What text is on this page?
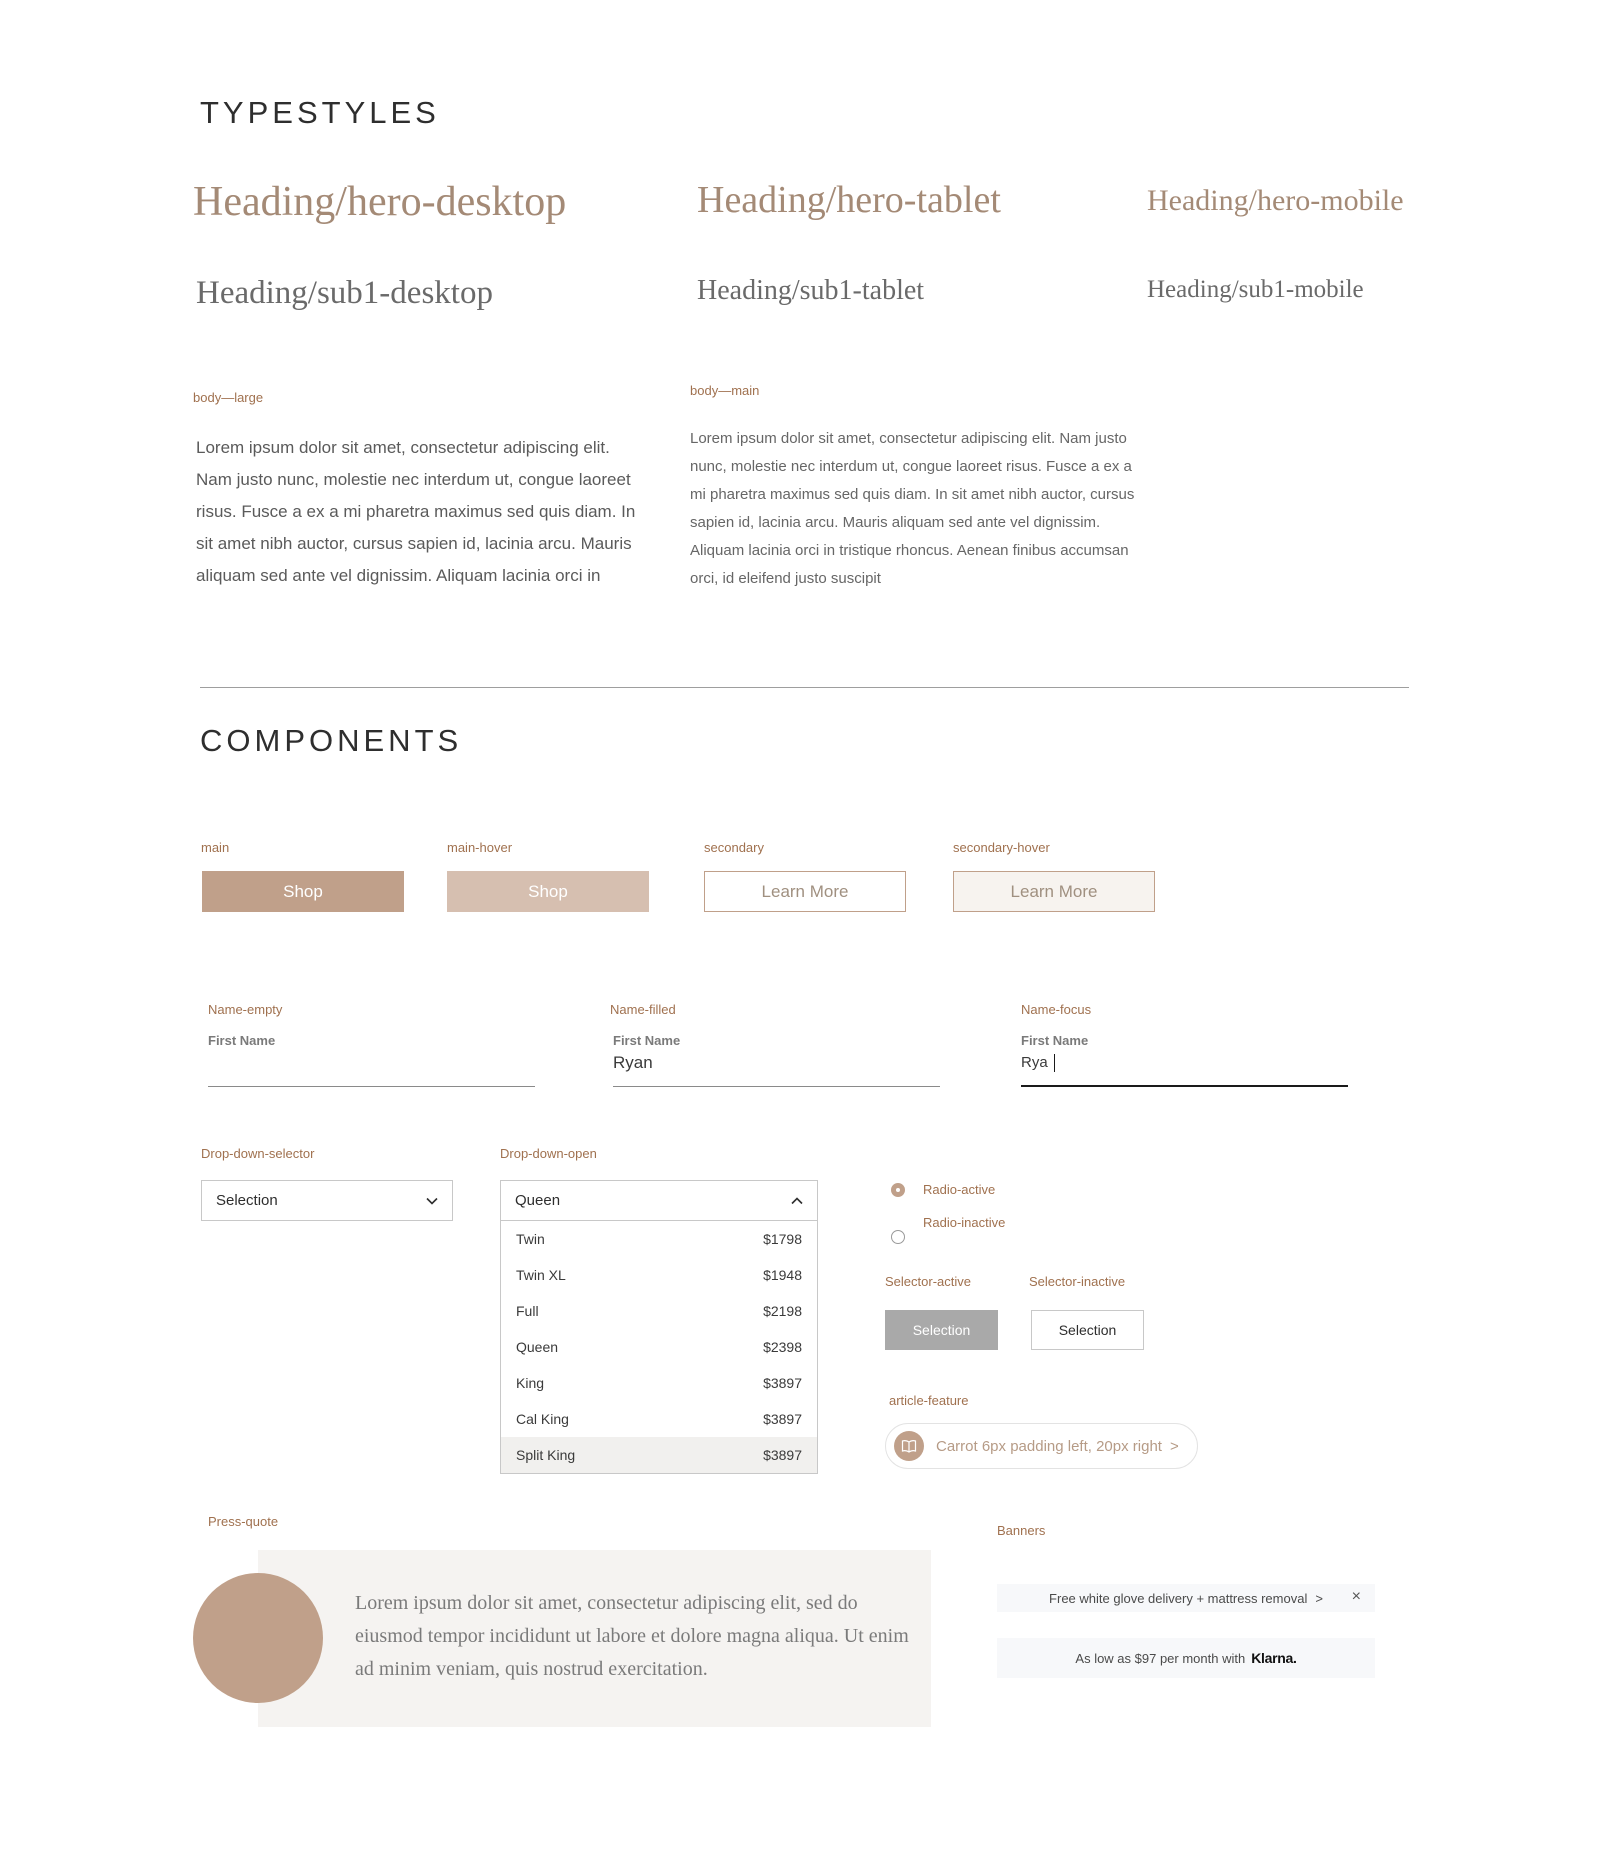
TYPESTYLES
Heading/hero-desktop	Heading/hero-tablet	Heading/hero-mobile
Heading/sub1-desktop	Heading/sub1-tablet	Heading/sub1-mobile
body—large

Lorem ipsum dolor sit amet, consectetur adipiscing elit. Nam justo nunc, molestie nec interdum ut, congue laoreet risus. Fusce a ex a mi pharetra maximus sed quis diam. In sit amet nibh auctor, cursus sapien id, lacinia arcu. Mauris aliquam sed ante vel dignissim. Aliquam lacinia orci in

body—main

Lorem ipsum dolor sit amet, consectetur adipiscing elit. Nam justo nunc, molestie nec interdum ut, congue laoreet risus. Fusce a ex a mi pharetra maximus sed quis diam. In sit amet nibh auctor, cursus sapien id, lacinia arcu. Mauris aliquam sed ante vel dignissim. Aliquam lacinia orci in tristique rhoncus. Aenean finibus accumsan orci, id eleifend justo suscipit

COMPONENTS
main
Shop
main-hover
Shop
secondary
Learn More
secondary-hover
Learn More
Name-empty
First Name
Name-filled
First Name
Ryan
Name-focus
First Name
Rya
Drop-down-selector
Selection
Drop-down-open
Queen
Twin	$1798
Twin XL	$1948
Full	$2198
Queen	$2398
King	$3897
Cal King	$3897
Split King	$3897
Radio-active
Radio-inactive
Selector-active
Selection
Selector-inactive
Selection
article-feature
Carrot 6px padding left, 20px right >
Press-quote

Lorem ipsum dolor sit amet, consectetur adipiscing elit, sed do eiusmod tempor incididunt ut labore et dolore magna aliqua. Ut enim ad minim veniam, quis nostrud exercitation.

Banners
Free white glove delivery + mattress removal > ×
As low as $97 per month with Klarna.
